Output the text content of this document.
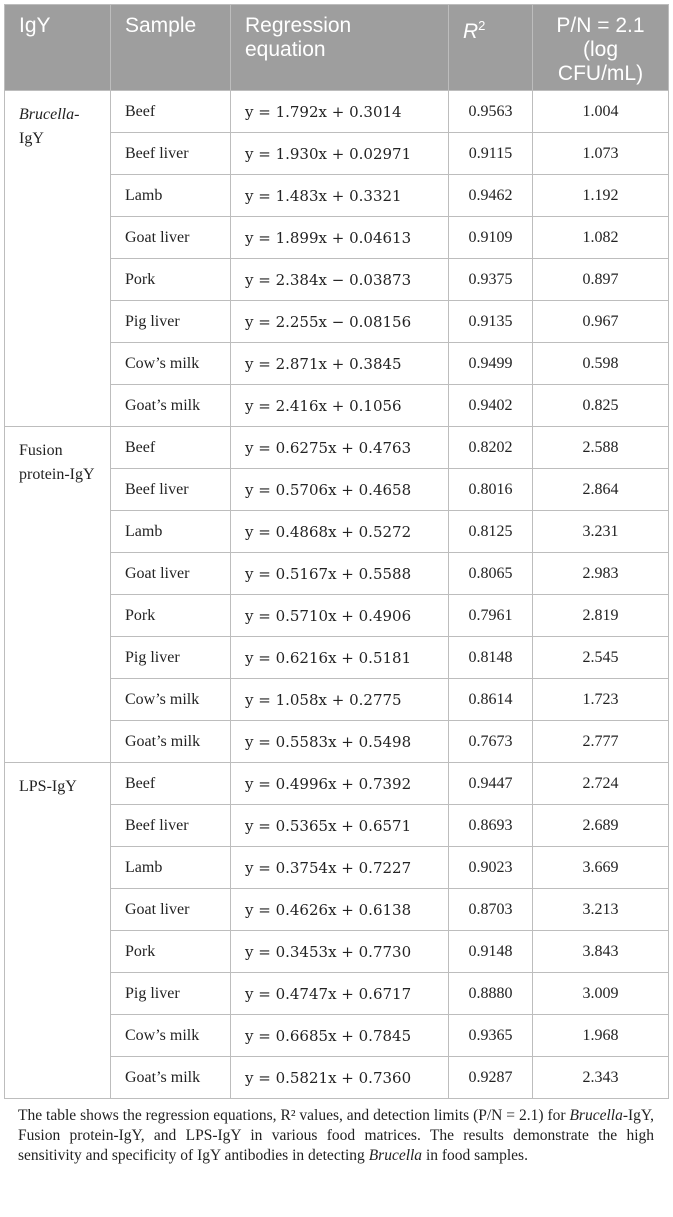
IgY	Sample	Regression equation	$R^2$	P/N = 2.1 (log CFU/mL)
Brucella-IgY	Beef	y = 1.792x + 0.3014	0.9563	1.004
	Beef liver	y = 1.930x + 0.02971	0.9115	1.073
	Lamb	y = 1.483x + 0.3321	0.9462	1.192
	Goat liver	y = 1.899x + 0.04613	0.9109	1.082
	Pork	y = 2.384x − 0.03873	0.9375	0.897
	Pig liver	y = 2.255x − 0.08156	0.9135	0.967
	Cow’s milk	y = 2.871x + 0.3845	0.9499	0.598
	Goat’s milk	y = 2.416x + 0.1056	0.9402	0.825
Fusion protein-IgY	Beef	y = 0.6275x + 0.4763	0.8202	2.588
	Beef liver	y = 0.5706x + 0.4658	0.8016	2.864
	Lamb	y = 0.4868x + 0.5272	0.8125	3.231
	Goat liver	y = 0.5167x + 0.5588	0.8065	2.983
	Pork	y = 0.5710x + 0.4906	0.7961	2.819
	Pig liver	y = 0.6216x + 0.5181	0.8148	2.545
	Cow’s milk	y = 1.058x + 0.2775	0.8614	1.723
	Goat’s milk	y = 0.5583x + 0.5498	0.7673	2.777
LPS-IgY	Beef	y = 0.4996x + 0.7392	0.9447	2.724
	Beef liver	y = 0.5365x + 0.6571	0.8693	2.689
	Lamb	y = 0.3754x + 0.7227	0.9023	3.669
	Goat liver	y = 0.4626x + 0.6138	0.8703	3.213
	Pork	y = 0.3453x + 0.7730	0.9148	3.843
	Pig liver	y = 0.4747x + 0.6717	0.8880	3.009
	Cow’s milk	y = 0.6685x + 0.7845	0.9365	1.968
	Goat’s milk	y = 0.5821x + 0.7360	0.9287	2.343
The table shows the regression equations, R² values, and detection limits (P/N = 2.1) for Brucella-IgY, Fusion protein-IgY, and LPS-IgY in various food matrices. The results demonstrate the high sensitivity and specificity of IgY antibodies in detecting Brucella in food samples.
